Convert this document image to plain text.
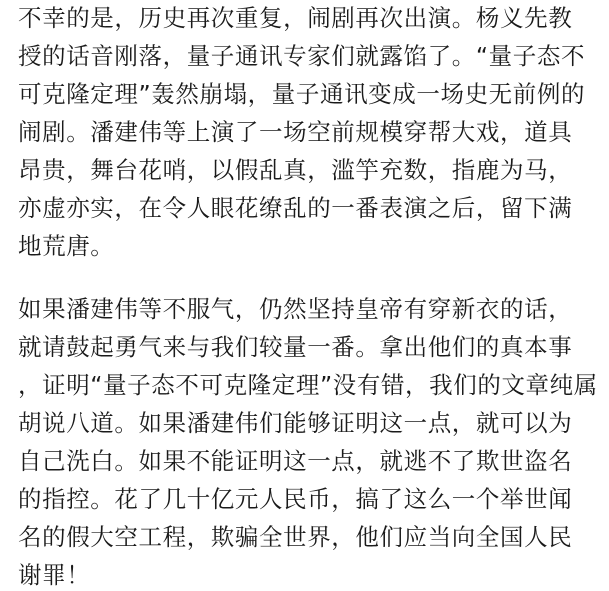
不幸的是，历史再次重复，闹剧再次出演。杨义先教
授的话音刚落，量子通讯专家们就露馅了。“量子态不
可克隆定理”轰然崩塌，量子通讯变成一场史无前例的
闹剧。潘建伟等上演了一场空前规模穿帮大戏，道具
昂贵，舞台花哨，以假乱真，滥竽充数，指鹿为马，
亦虚亦实，在令人眼花缭乱的一番表演之后，留下满
地荒唐。
如果潘建伟等不服气，仍然坚持皇帝有穿新衣的话，
就请鼓起勇气来与我们较量一番。拿出他们的真本事
，证明“量子态不可克隆定理”没有错，我们的文章纯属
胡说八道。如果潘建伟们能够证明这一点，就可以为
自己洗白。如果不能证明这一点，就逃不了欺世盗名
的指控。花了几十亿元人民币，搞了这么一个举世闻
名的假大空工程，欺骗全世界，他们应当向全国人民
谢罪！
